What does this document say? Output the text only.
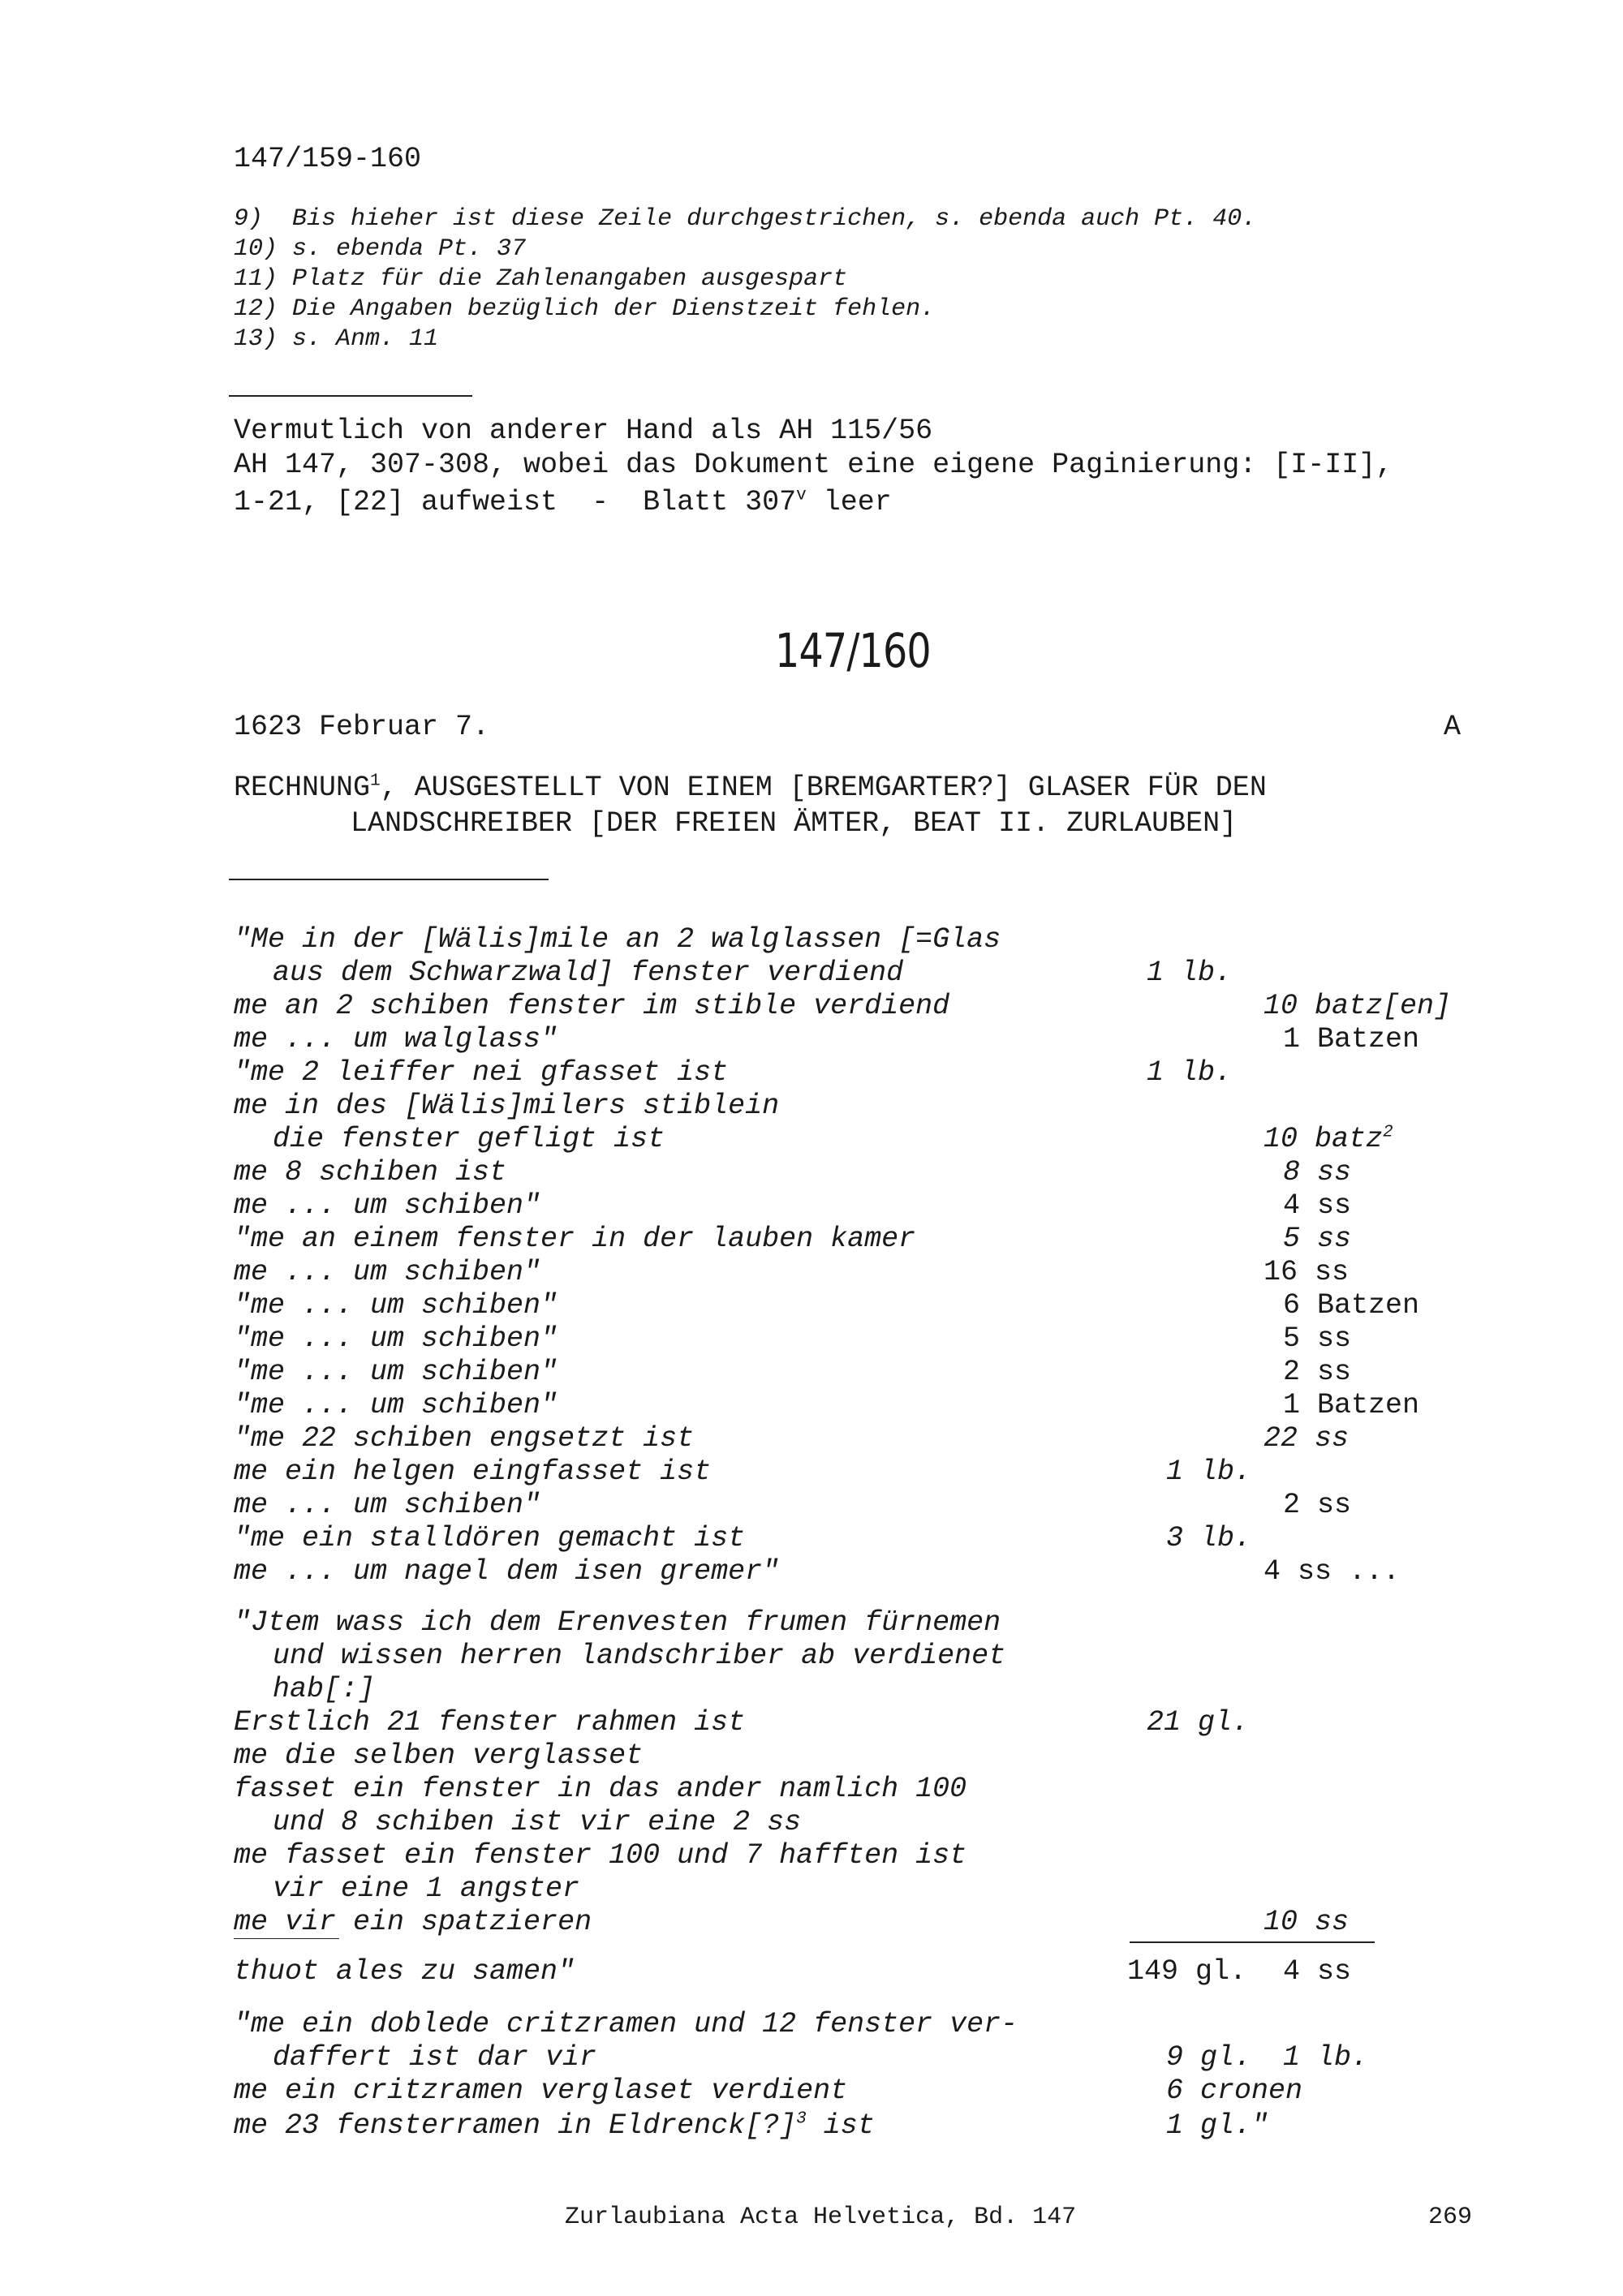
147/159-160
9) Bis hieher ist diese Zeile durchgestrichen, s. ebenda auch Pt. 40.
10) s. ebenda Pt. 37
11) Platz für die Zahlenangaben ausgespart
12) Die Angaben bezüglich der Dienstzeit fehlen.
13) s. Anm. 11
Vermutlich von anderer Hand als AH 115/56
AH 147, 307-308, wobei das Dokument eine eigene Paginierung: [I-II],
1-21, [22] aufweist  -  Blatt 307$^v$ leer
147/160
1623 Februar 7.	A
RECHNUNG$^1$, AUSGESTELLT VON EINEM [BREMGARTER?] GLASER FÜR DEN
LANDSCHREIBER [DER FREIEN ÄMTER, BEAT II. ZURLAUBEN]
"Me in der [Wälis]mile an 2 walglassen [=Glas
aus dem Schwarzwald] fenster verdiend	1 lb.
me an 2 schiben fenster im stible verdiend	10 batz[en]
me ... um walglass"	1 Batzen
"me 2 leiffer nei gfasset ist	1 lb.
me in des [Wälis]milers stiblein
die fenster gefligt ist	10 batz$^2$
me 8 schiben ist	8 ss
me ... um schiben"	4 ss
"me an einem fenster in der lauben kamer	5 ss
me ... um schiben"	16 ss
"me ... um schiben"	6 Batzen
"me ... um schiben"	5 ss
"me ... um schiben"	2 ss
"me ... um schiben"	1 Batzen
"me 22 schiben engsetzt ist	22 ss
me ein helgen eingfasset ist	1 lb.
me ... um schiben"	2 ss
"me ein stalldören gemacht ist	3 lb.
me ... um nagel dem isen gremer"	4 ss ...
"Jtem wass ich dem Erenvesten frumen fürnemen
und wissen herren landschriber ab verdienet
hab[:]
Erstlich 21 fenster rahmen ist	21 gl.
me die selben verglasset
fasset ein fenster in das ander namlich 100
und 8 schiben ist vir eine 2 ss
me fasset ein fenster 100 und 7 hafften ist
vir eine 1 angster
me vir ein spatzieren	10 ss
thuot ales zu samen"	149 gl. 4 ss
"me ein doblede critzramen und 12 fenster ver-
daffert ist dar vir	9 gl. 1 lb.
me ein critzramen verglaset verdient	6 cronen
me 23 fensterramen in Eldrenck[?]$^3$ ist	1 gl."
Zurlaubiana Acta Helvetica, Bd. 147	269
